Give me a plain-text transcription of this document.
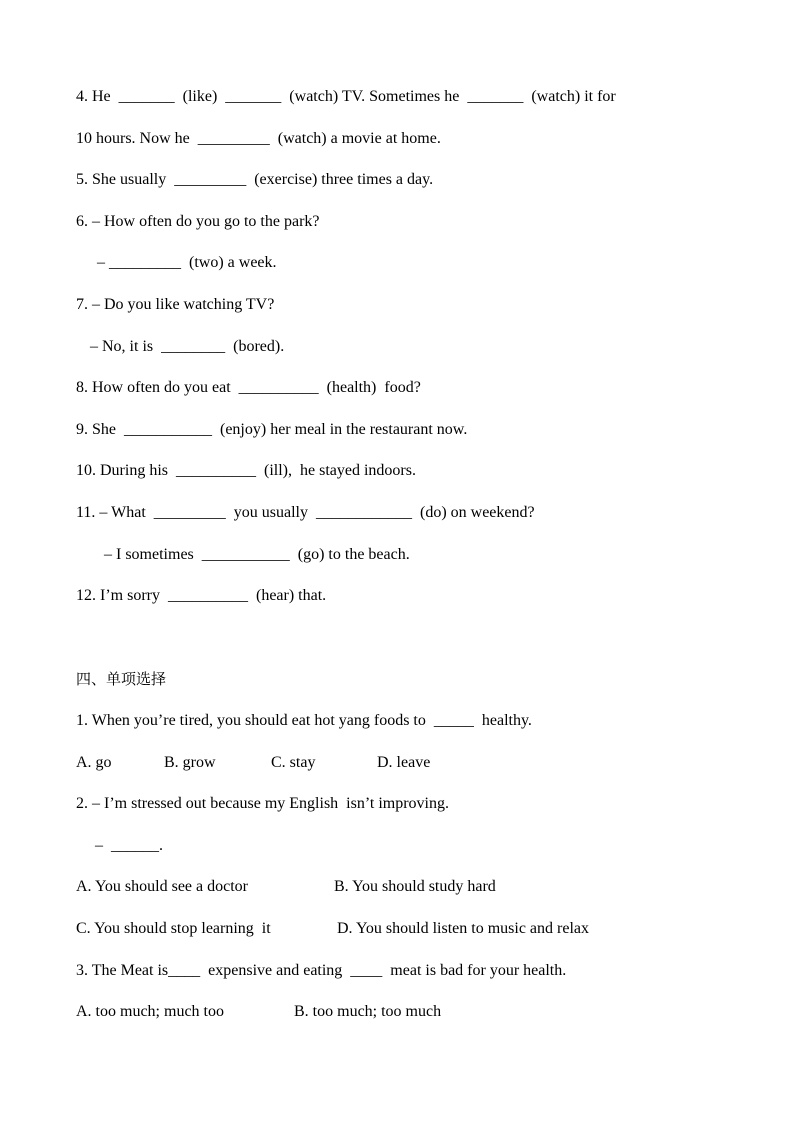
4. He  _______  (like)  _______  (watch) TV. Sometimes he  _______  (watch) it for
10 hours. Now he  _________  (watch) a movie at home.
5. She usually  _________  (exercise) three times a day.
6. – How often do you go to the park?
– _________  (two) a week.
7. – Do you like watching TV?
– No, it is  ________  (bored).
8. How often do you eat  __________  (health)  food?
9. She  ___________  (enjoy) her meal in the restaurant now.
10. During his  __________  (ill),  he stayed indoors.
11. – What  _________  you usually  ____________  (do) on weekend?
– I sometimes  ___________  (go) to the beach.
12. I’m sorry  __________  (hear) that.
四、单项选择
1. When you’re tired, you should eat hot yang foods to  _____  healthy.
A. go	B. grow	C. stay	D. leave
2. – I’m stressed out because my English  isn’t improving.
–  ______.
A. You should see a doctor	B. You should study hard
C. You should stop learning  it	D. You should listen to music and relax
3. The Meat is____  expensive and eating  ____  meat is bad for your health.
A. too much; much too	B. too much; too much
